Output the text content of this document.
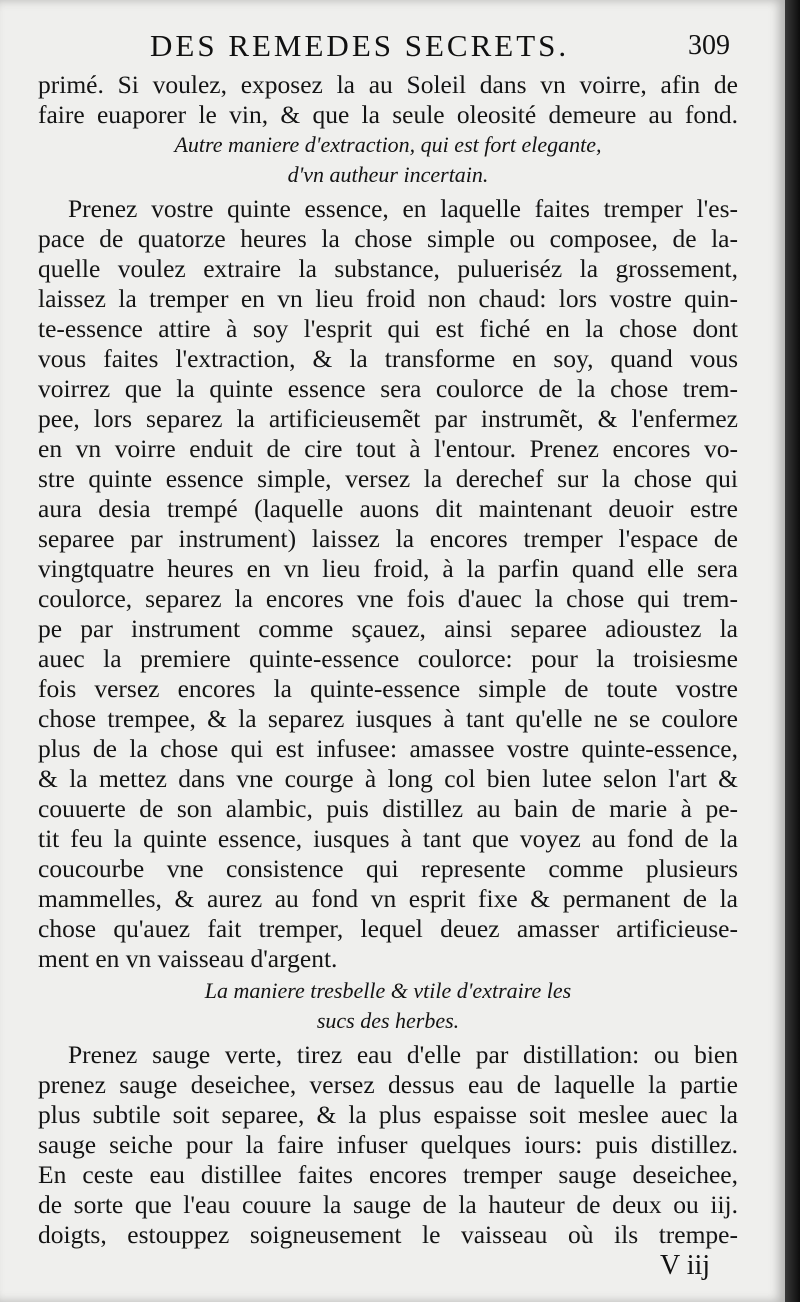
DES REMEDES SECRETS.	309
primé. Si voulez, exposez la au Soleil dans vn voirre, afin de
faire euaporer le vin, & que la seule oleosité demeure au fond.
Autre maniere d'extraction, qui est fort elegante,
d'vn autheur incertain.
Prenez vostre quinte essence, en laquelle faites tremper l'es-
pace de quatorze heures la chose simple ou composee, de la-
quelle voulez extraire la substance, pulueriséz la grossement,
laissez la tremper en vn lieu froid non chaud: lors vostre quin-
te-essence attire à soy l'esprit qui est fiché en la chose dont
vous faites l'extraction, & la transforme en soy, quand vous
voirrez que la quinte essence sera coulorce de la chose trem-
pee, lors separez la artificieusemẽt par instrumẽt, & l'enfermez
en vn voirre enduit de cire tout à l'entour. Prenez encores vo-
stre quinte essence simple, versez la derechef sur la chose qui
aura desia trempé (laquelle auons dit maintenant deuoir estre
separee par instrument) laissez la encores tremper l'espace de
vingtquatre heures en vn lieu froid, à la parfin quand elle sera
coulorce, separez la encores vne fois d'auec la chose qui trem-
pe par instrument comme sçauez, ainsi separee adioustez la
auec la premiere quinte-essence coulorce: pour la troisiesme
fois versez encores la quinte-essence simple de toute vostre
chose trempee, & la separez iusques à tant qu'elle ne se coulore
plus de la chose qui est infusee: amassee vostre quinte-essence,
& la mettez dans vne courge à long col bien lutee selon l'art &
couuerte de son alambic, puis distillez au bain de marie à pe-
tit feu la quinte essence, iusques à tant que voyez au fond de la
coucourbe vne consistence qui represente comme plusieurs
mammelles, & aurez au fond vn esprit fixe & permanent de la
chose qu'auez fait tremper, lequel deuez amasser artificieuse-
ment en vn vaisseau d'argent.
La maniere tresbelle & vtile d'extraire les
sucs des herbes.
Prenez sauge verte, tirez eau d'elle par distillation: ou bien
prenez sauge deseichee, versez dessus eau de laquelle la partie
plus subtile soit separee, & la plus espaisse soit meslee auec la
sauge seiche pour la faire infuser quelques iours: puis distillez.
En ceste eau distillee faites encores tremper sauge deseichee,
de sorte que l'eau couure la sauge de la hauteur de deux ou iij.
doigts, estouppez soigneusement le vaisseau où ils trempe-
V iij
